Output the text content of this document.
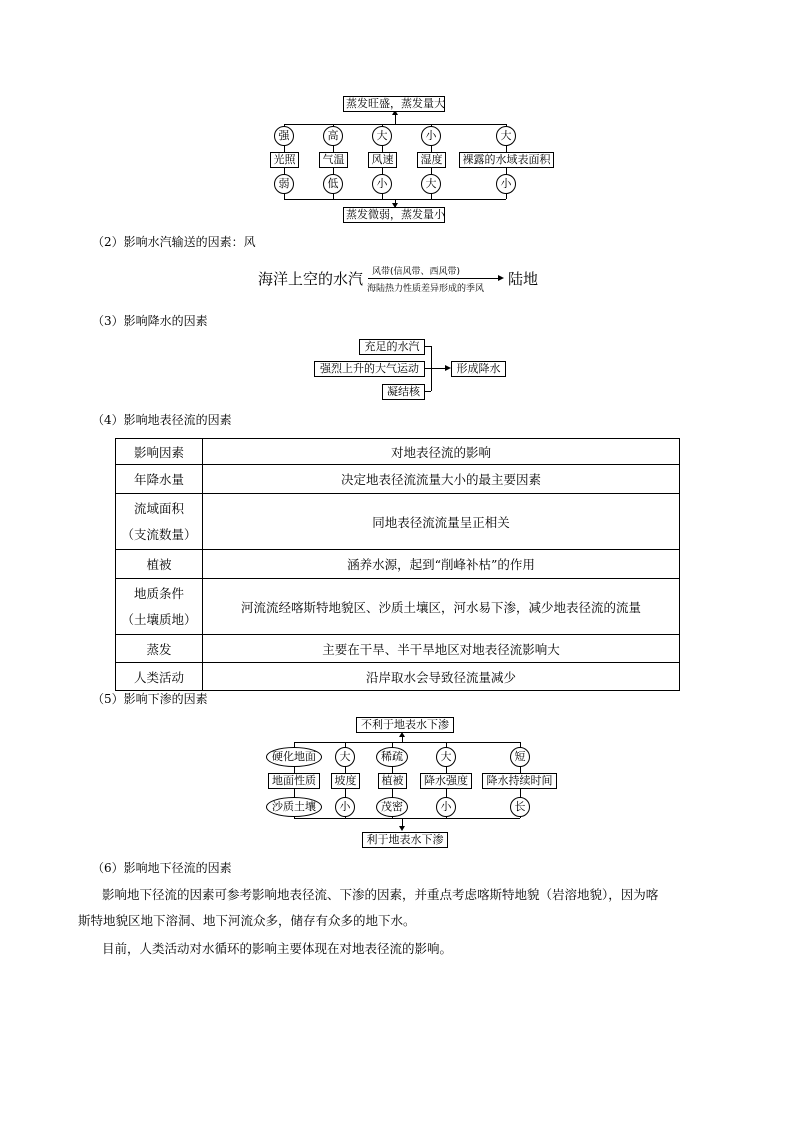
蒸发旺盛，蒸发量大
蒸发微弱，蒸发量小
强	高	大	小	大
光照	气温	风速	湿度	裸露的水域表面积
弱	低	小	大	小
（2）影响水汽输送的因素：风
海洋上空的水汽 风带(信风带、西风带)
海陆热力性质差异形成的季风
陆地
（3）影响降水的因素
充足的水汽
强烈上升的大气运动
凝结核
形成降水
（4）影响地表径流的因素
影响因素	对地表径流的影响
年降水量	决定地表径流流量大小的最主要因素

流域面积
（支流数量）	同地表径流流量呈正相关
植被	涵养水源，起到“削峰补枯”的作用

地质条件
（土壤质地）	河流流经喀斯特地貌区、沙质土壤区，河水易下渗，减少地表径流的流量
蒸发	主要在干旱、半干旱地区对地表径流影响大
人类活动	沿岸取水会导致径流量减少
（5）影响下渗的因素
不利于地表水下渗
利于地表水下渗
硬化地面	大	稀疏	大	短
地面性质	坡度	植被	降水强度	降水持续时间
沙质土壤	小	茂密	小	长
（6）影响地下径流的因素
影响地下径流的因素可参考影响地表径流、下渗的因素，并重点考虑喀斯特地貌（岩溶地貌），因为喀
斯特地貌区地下溶洞、地下河流众多，储存有众多的地下水。
目前，人类活动对水循环的影响主要体现在对地表径流的影响。
